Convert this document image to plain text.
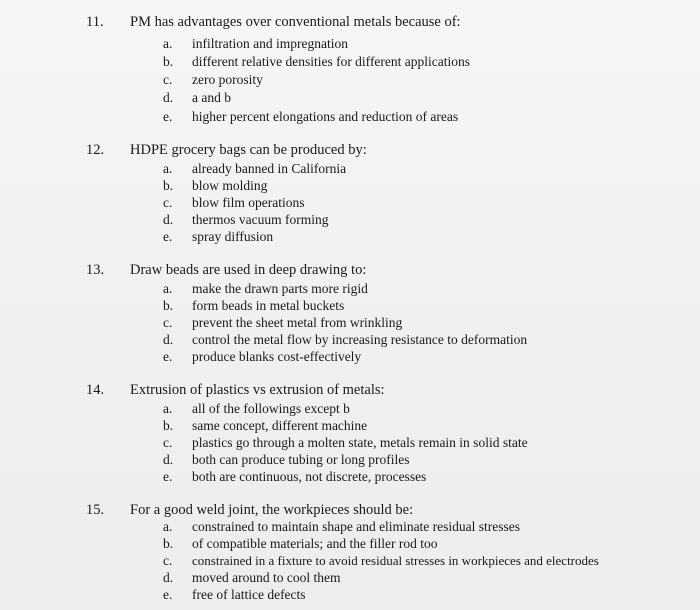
11. PM has advantages over conventional metals because of:
a. infiltration and impregnation
b. different relative densities for different applications
c. zero porosity
d. a and b
e. higher percent elongations and reduction of areas
12. HDPE grocery bags can be produced by:
a. already banned in California
b. blow molding
c. blow film operations
d. thermos vacuum forming
e. spray diffusion
13. Draw beads are used in deep drawing to:
a. make the drawn parts more rigid
b. form beads in metal buckets
c. prevent the sheet metal from wrinkling
d. control the metal flow by increasing resistance to deformation
e. produce blanks cost-effectively
14. Extrusion of plastics vs extrusion of metals:
a. all of the followings except b
b. same concept, different machine
c. plastics go through a molten state, metals remain in solid state
d. both can produce tubing or long profiles
e. both are continuous, not discrete, processes
15. For a good weld joint, the workpieces should be:
a. constrained to maintain shape and eliminate residual stresses
b. of compatible materials; and the filler rod too
c. constrained in a fixture to avoid residual stresses in workpieces and electrodes
d. moved around to cool them
e. free of lattice defects
